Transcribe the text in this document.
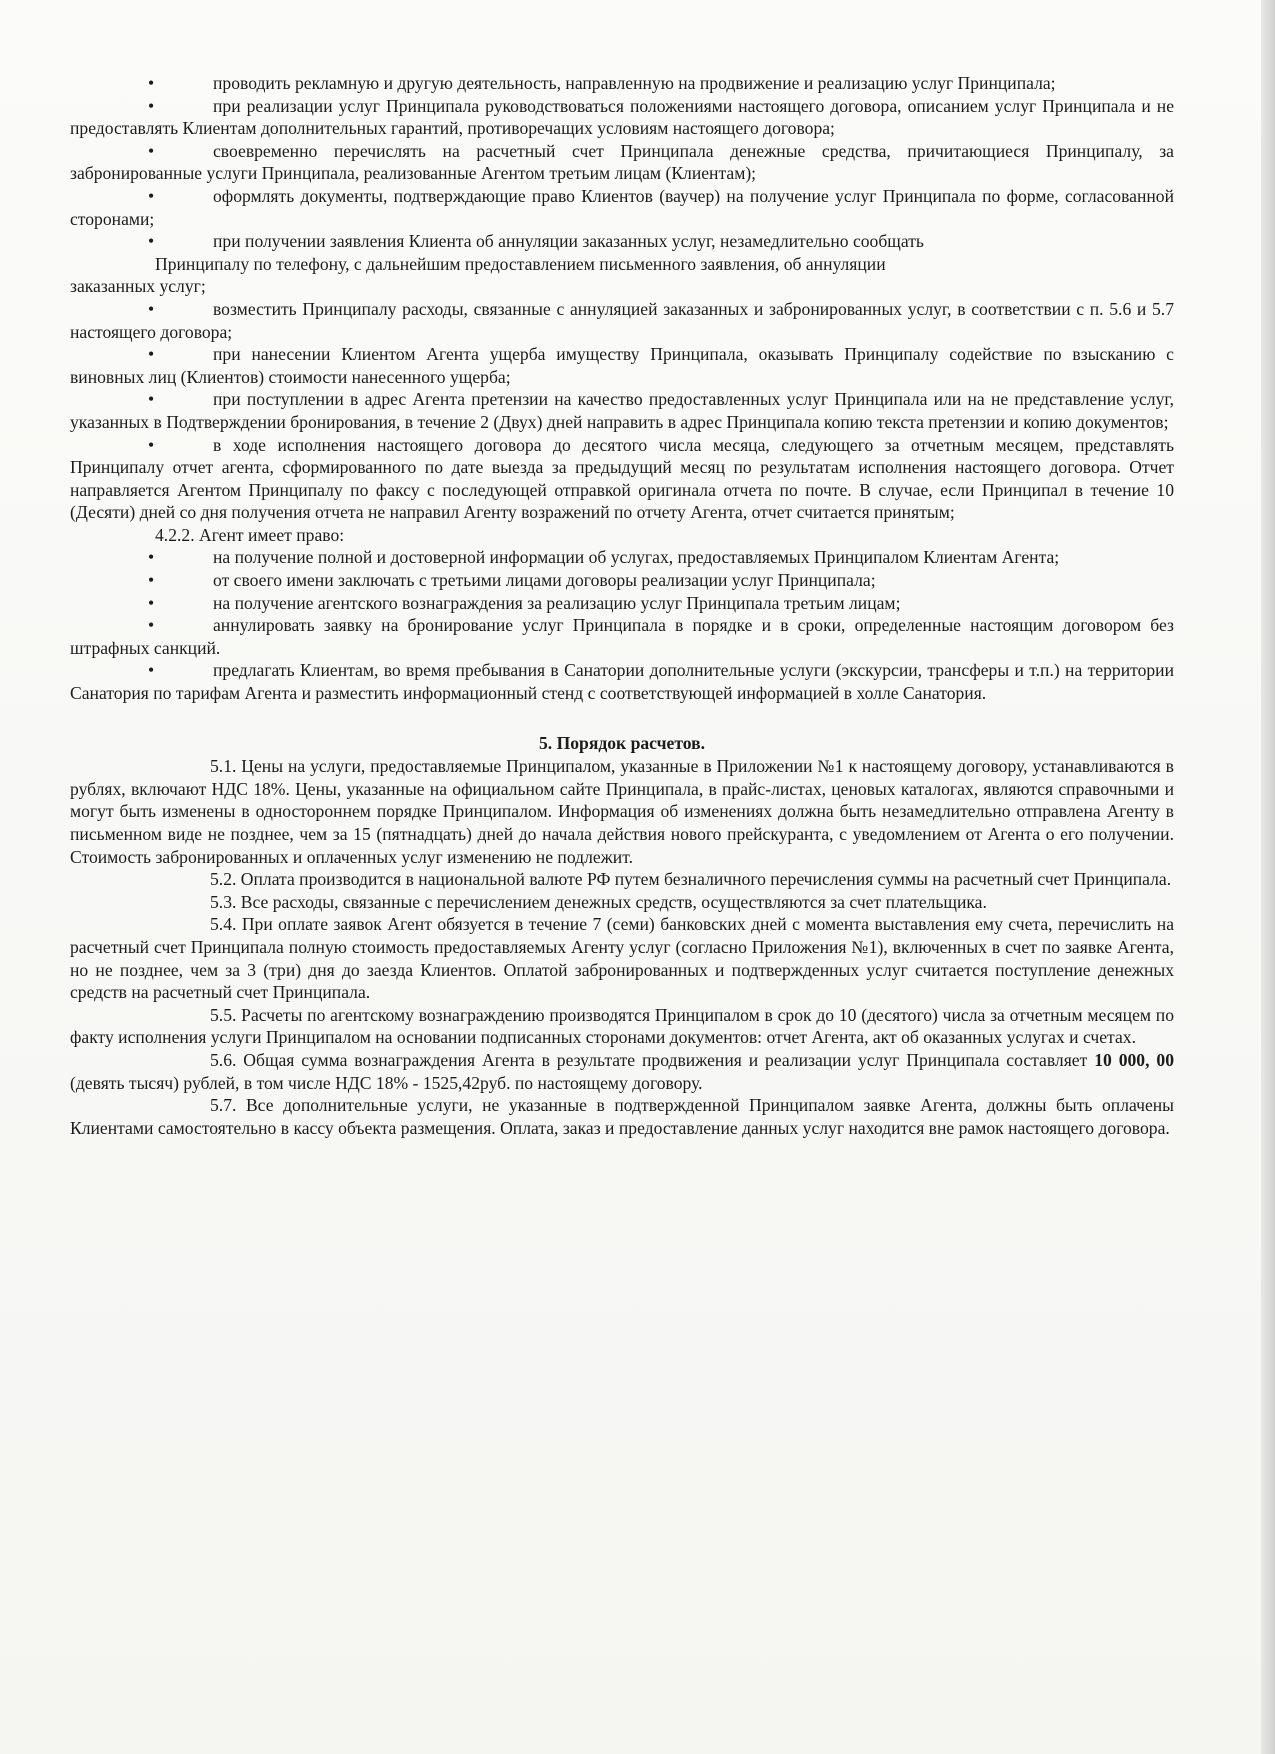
•	проводить рекламную и другую деятельность, направленную на продвижение и реализацию услуг Принципала;

•	при реализации услуг Принципала руководствоваться положениями настоящего договора, описанием услуг Принципала и не предоставлять Клиентам дополнительных гарантий, противоречащих условиям настоящего договора;

•	своевременно перечислять на расчетный счет Принципала денежные средства, причитающиеся Принципалу, за забронированные услуги Принципала, реализованные Агентом третьим лицам (Клиентам);

•	оформлять документы, подтверждающие право Клиентов (ваучер) на получение услуг Принципала по форме, согласованной сторонами;

•	при получении заявления Клиента об аннуляции заказанных услуг, незамедлительно сообщать

Принципалу по телефону, с дальнейшим предоставлением письменного заявления, об аннуляции

заказанных услуг;

•	возместить Принципалу расходы, связанные с аннуляцией заказанных и забронированных услуг, в соответствии с п. 5.6 и 5.7 настоящего договора;

•	при нанесении Клиентом Агента ущерба имуществу Принципала, оказывать Принципалу содействие по взысканию с виновных лиц (Клиентов) стоимости нанесенного ущерба;

•	при поступлении в адрес Агента претензии на качество предоставленных услуг Принципала или на не представление услуг, указанных в Подтверждении бронирования, в течение 2 (Двух) дней направить в адрес Принципала копию текста претензии и копию документов;

•	в ходе исполнения настоящего договора до десятого числа месяца, следующего за отчетным месяцем, представлять Принципалу отчет агента, сформированного по дате выезда за предыдущий месяц по результатам исполнения настоящего договора. Отчет направляется Агентом Принципалу по факсу с последующей отправкой оригинала отчета по почте. В случае, если Принципал в течение 10 (Десяти) дней со дня получения отчета не направил Агенту возражений по отчету Агента, отчет считается принятым;

4.2.2. Агент имеет право:

•	на получение полной и достоверной информации об услугах, предоставляемых Принципалом Клиентам Агента;

•	от своего имени заключать с третьими лицами договоры реализации услуг Принципала;

•	на получение агентского вознаграждения за реализацию услуг Принципала третьим лицам;

•	аннулировать заявку на бронирование услуг Принципала в порядке и в сроки, определенные настоящим договором без штрафных санкций.

•	предлагать Клиентам, во время пребывания в Санатории дополнительные услуги (экскурсии, трансферы и т.п.) на территории Санатория по тарифам Агента и разместить информационный стенд с соответствующей информацией в холле Санатория.

5. Порядок расчетов.

5.1. Цены на услуги, предоставляемые Принципалом, указанные в Приложении №1 к настоящему договору, устанавливаются в рублях, включают НДС 18%. Цены, указанные на официальном сайте Принципала, в прайс-листах, ценовых каталогах, являются справочными и могут быть изменены в одностороннем порядке Принципалом. Информация об изменениях должна быть незамедлительно отправлена Агенту в письменном виде не позднее, чем за 15 (пятнадцать) дней до начала действия нового прейскуранта, с уведомлением от Агента о его получении. Стоимость забронированных и оплаченных услуг изменению не подлежит.

5.2. Оплата производится в национальной валюте РФ путем безналичного перечисления суммы на расчетный счет Принципала.

5.3. Все расходы, связанные с перечислением денежных средств, осуществляются за счет плательщика.

5.4. При оплате заявок Агент обязуется в течение 7 (семи) банковских дней с момента выставления ему счета, перечислить на расчетный счет Принципала полную стоимость предоставляемых Агенту услуг (согласно Приложения №1), включенных в счет по заявке Агента, но не позднее, чем за 3 (три) дня до заезда Клиентов. Оплатой забронированных и подтвержденных услуг считается поступление денежных средств на расчетный счет Принципала.

5.5. Расчеты по агентскому вознаграждению производятся Принципалом в срок до 10 (десятого) числа за отчетным месяцем по факту исполнения услуги Принципалом на основании подписанных сторонами документов: отчет Агента, акт об оказанных услугах и счетах.

5.6. Общая сумма вознаграждения Агента в результате продвижения и реализации услуг Принципала составляет 10 000, 00 (девять тысяч) рублей, в том числе НДС 18% - 1525,42руб. по настоящему договору.

5.7. Все дополнительные услуги, не указанные в подтвержденной Принципалом заявке Агента, должны быть оплачены Клиентами самостоятельно в кассу объекта размещения. Оплата, заказ и предоставление данных услуг находится вне рамок настоящего договора.
